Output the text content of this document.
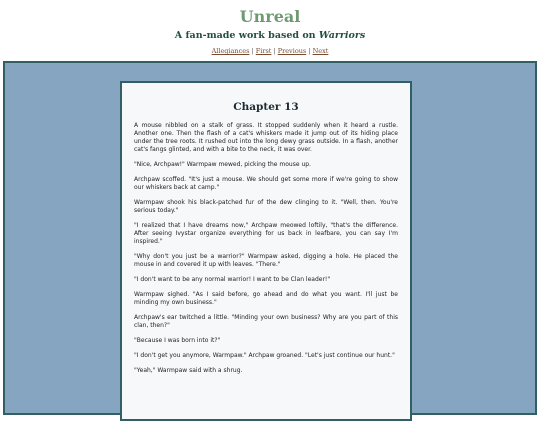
Unreal
A fan-made work based on Warriors
Allegiances | First | Previous | Next
Chapter 13

A mouse nibbled on a stalk of grass. It stopped suddenly when it heard a rustle. Another one. Then the flash of a cat's whiskers made it jump out of its hiding place under the tree roots. It rushed out into the long dewy grass outside. In a flash, another cat's fangs glinted, and with a bite to the neck, it was over.

"Nice, Archpaw!" Warmpaw mewed, picking the mouse up.

Archpaw scoffed. "It's just a mouse. We should get some more if we're going to show our whiskers back at camp."

Warmpaw shook his black-patched fur of the dew clinging to it. "Well, then. You're serious today."

"I realized that I have dreams now," Archpaw meowed loftily, "that's the difference. After seeing Ivystar organize everything for us back in leafbare, you can say I'm inspired."

"Why don't you just be a warrior?" Warmpaw asked, digging a hole. He placed the mouse in and covered it up with leaves. "There."

"I don't want to be any normal warrior! I want to be Clan leader!"

Warmpaw sighed. "As I said before, go ahead and do what you want. I'll just be minding my own business."

Archpaw's ear twitched a little. "Minding your own business? Why are you part of this clan, then?"

"Because I was born into it?"

"I don't get you anymore, Warmpaw." Archpaw groaned. "Let's just continue our hunt."

"Yeah," Warmpaw said with a shrug.
